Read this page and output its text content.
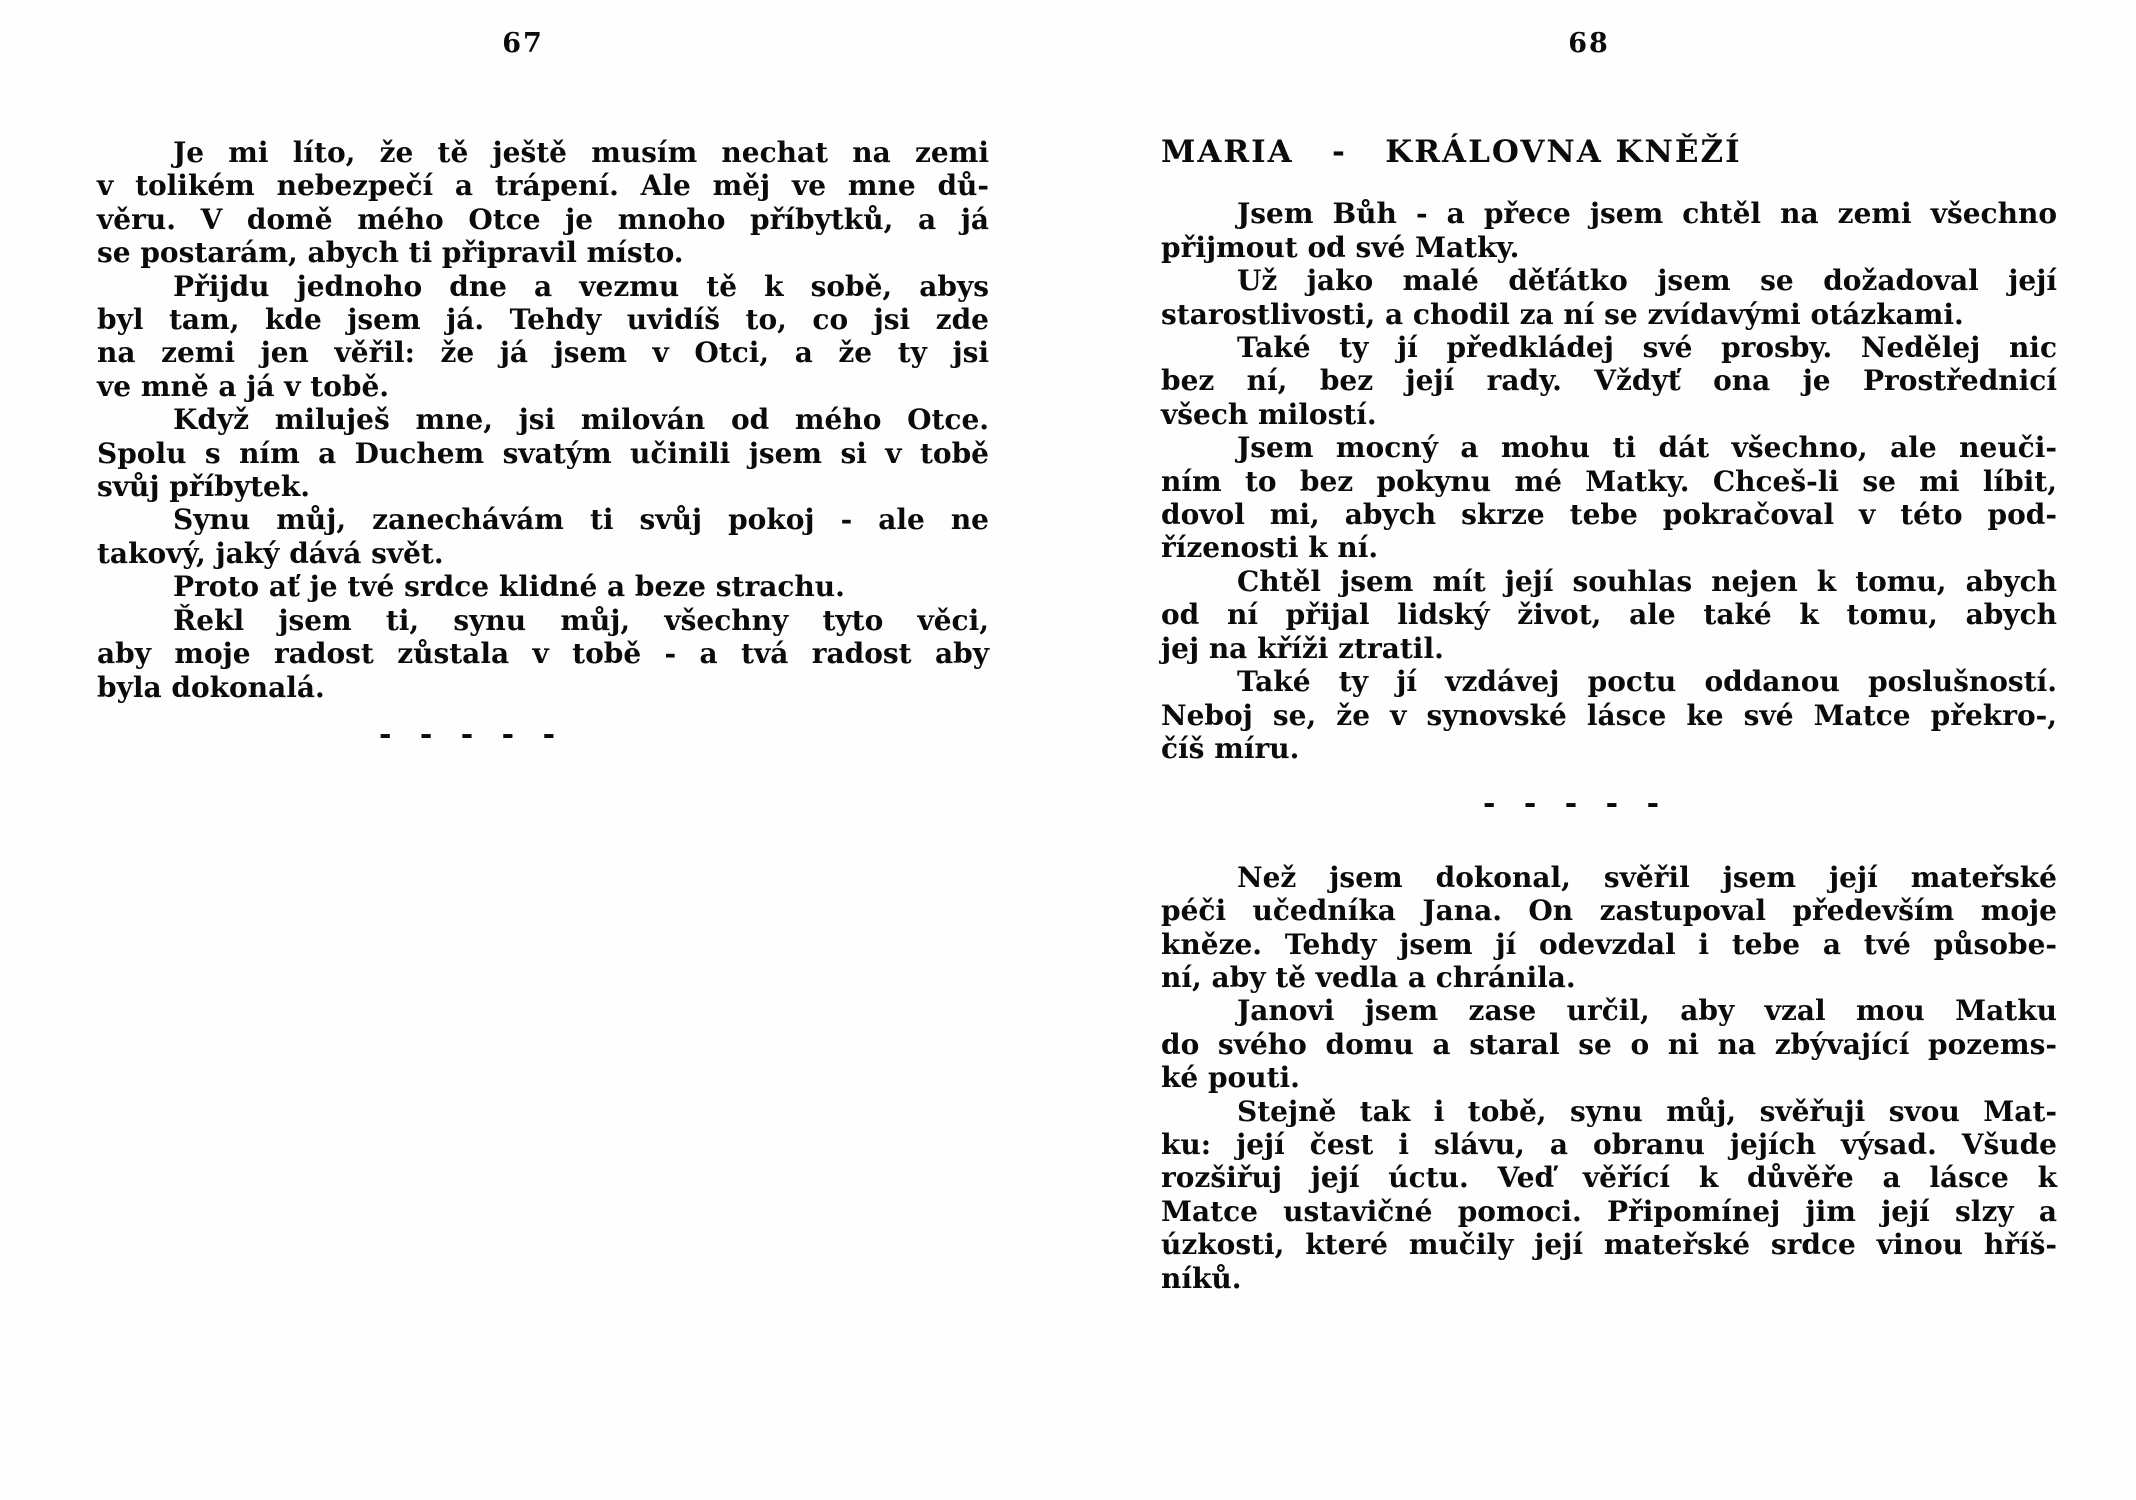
67	68
Je mi líto, že tě ještě musím nechat na zemi
v tolikém nebezpečí a trápení. Ale měj ve mne dů-
věru. V domě mého Otce je mnoho příbytků, a já
se postarám, abych ti připravil místo.
Přijdu jednoho dne a vezmu tě k sobě, abys
byl tam, kde jsem já. Tehdy uvidíš to, co jsi zde
na zemi jen věřil: že já jsem v Otci, a že ty jsi
ve mně a já v tobě.
Když miluješ mne, jsi milován od mého Otce.
Spolu s ním a Duchem svatým učinili jsem si v tobě
svůj příbytek.
Synu můj, zanechávám ti svůj pokoj - ale ne
takový, jaký dává svět.
Proto ať je tvé srdce klidné a beze strachu.
Řekl jsem ti, synu můj, všechny tyto věci,
aby moje radost zůstala v tobě - a tvá radost aby
byla dokonalá.
- - - - -
MARIA   -   KRÁLOVNA KNĚŽÍ
Jsem Bůh - a přece jsem chtěl na zemi všechno
přijmout od své Matky.
Už jako malé děťátko jsem se dožadoval její
starostlivosti, a chodil za ní se zvídavými otázkami.
Také ty jí předkládej své prosby. Nedělej nic
bez ní, bez její rady. Vždyť ona je Prostřednicí
všech milostí.
Jsem mocný a mohu ti dát všechno, ale neuči-
ním to bez pokynu mé Matky. Chceš-li se mi líbit,
dovol mi, abych skrze tebe pokračoval v této pod-
řízenosti k ní.
Chtěl jsem mít její souhlas nejen k tomu, abych
od ní přijal lidský život, ale také k tomu, abych
jej na kříži ztratil.
Také ty jí vzdávej poctu oddanou poslušností.
Neboj se, že v synovské lásce ke své Matce překro-,
číš míru.
- - - - -
Než jsem dokonal, svěřil jsem její mateřské
péči učedníka Jana. On zastupoval především moje
kněze. Tehdy jsem jí odevzdal i tebe a tvé působe-
ní, aby tě vedla a chránila.
Janovi jsem zase určil, aby vzal mou Matku
do svého domu a staral se o ni na zbývající pozems-
ké pouti.
Stejně tak i tobě, synu můj, svěřuji svou Mat-
ku: její čest i slávu, a obranu jejích výsad. Všude
rozšiřuj její úctu. Veď věřící k důvěře a lásce k
Matce ustavičné pomoci. Připomínej jim její slzy a
úzkosti, které mučily její mateřské srdce vinou hříš-
níků.
